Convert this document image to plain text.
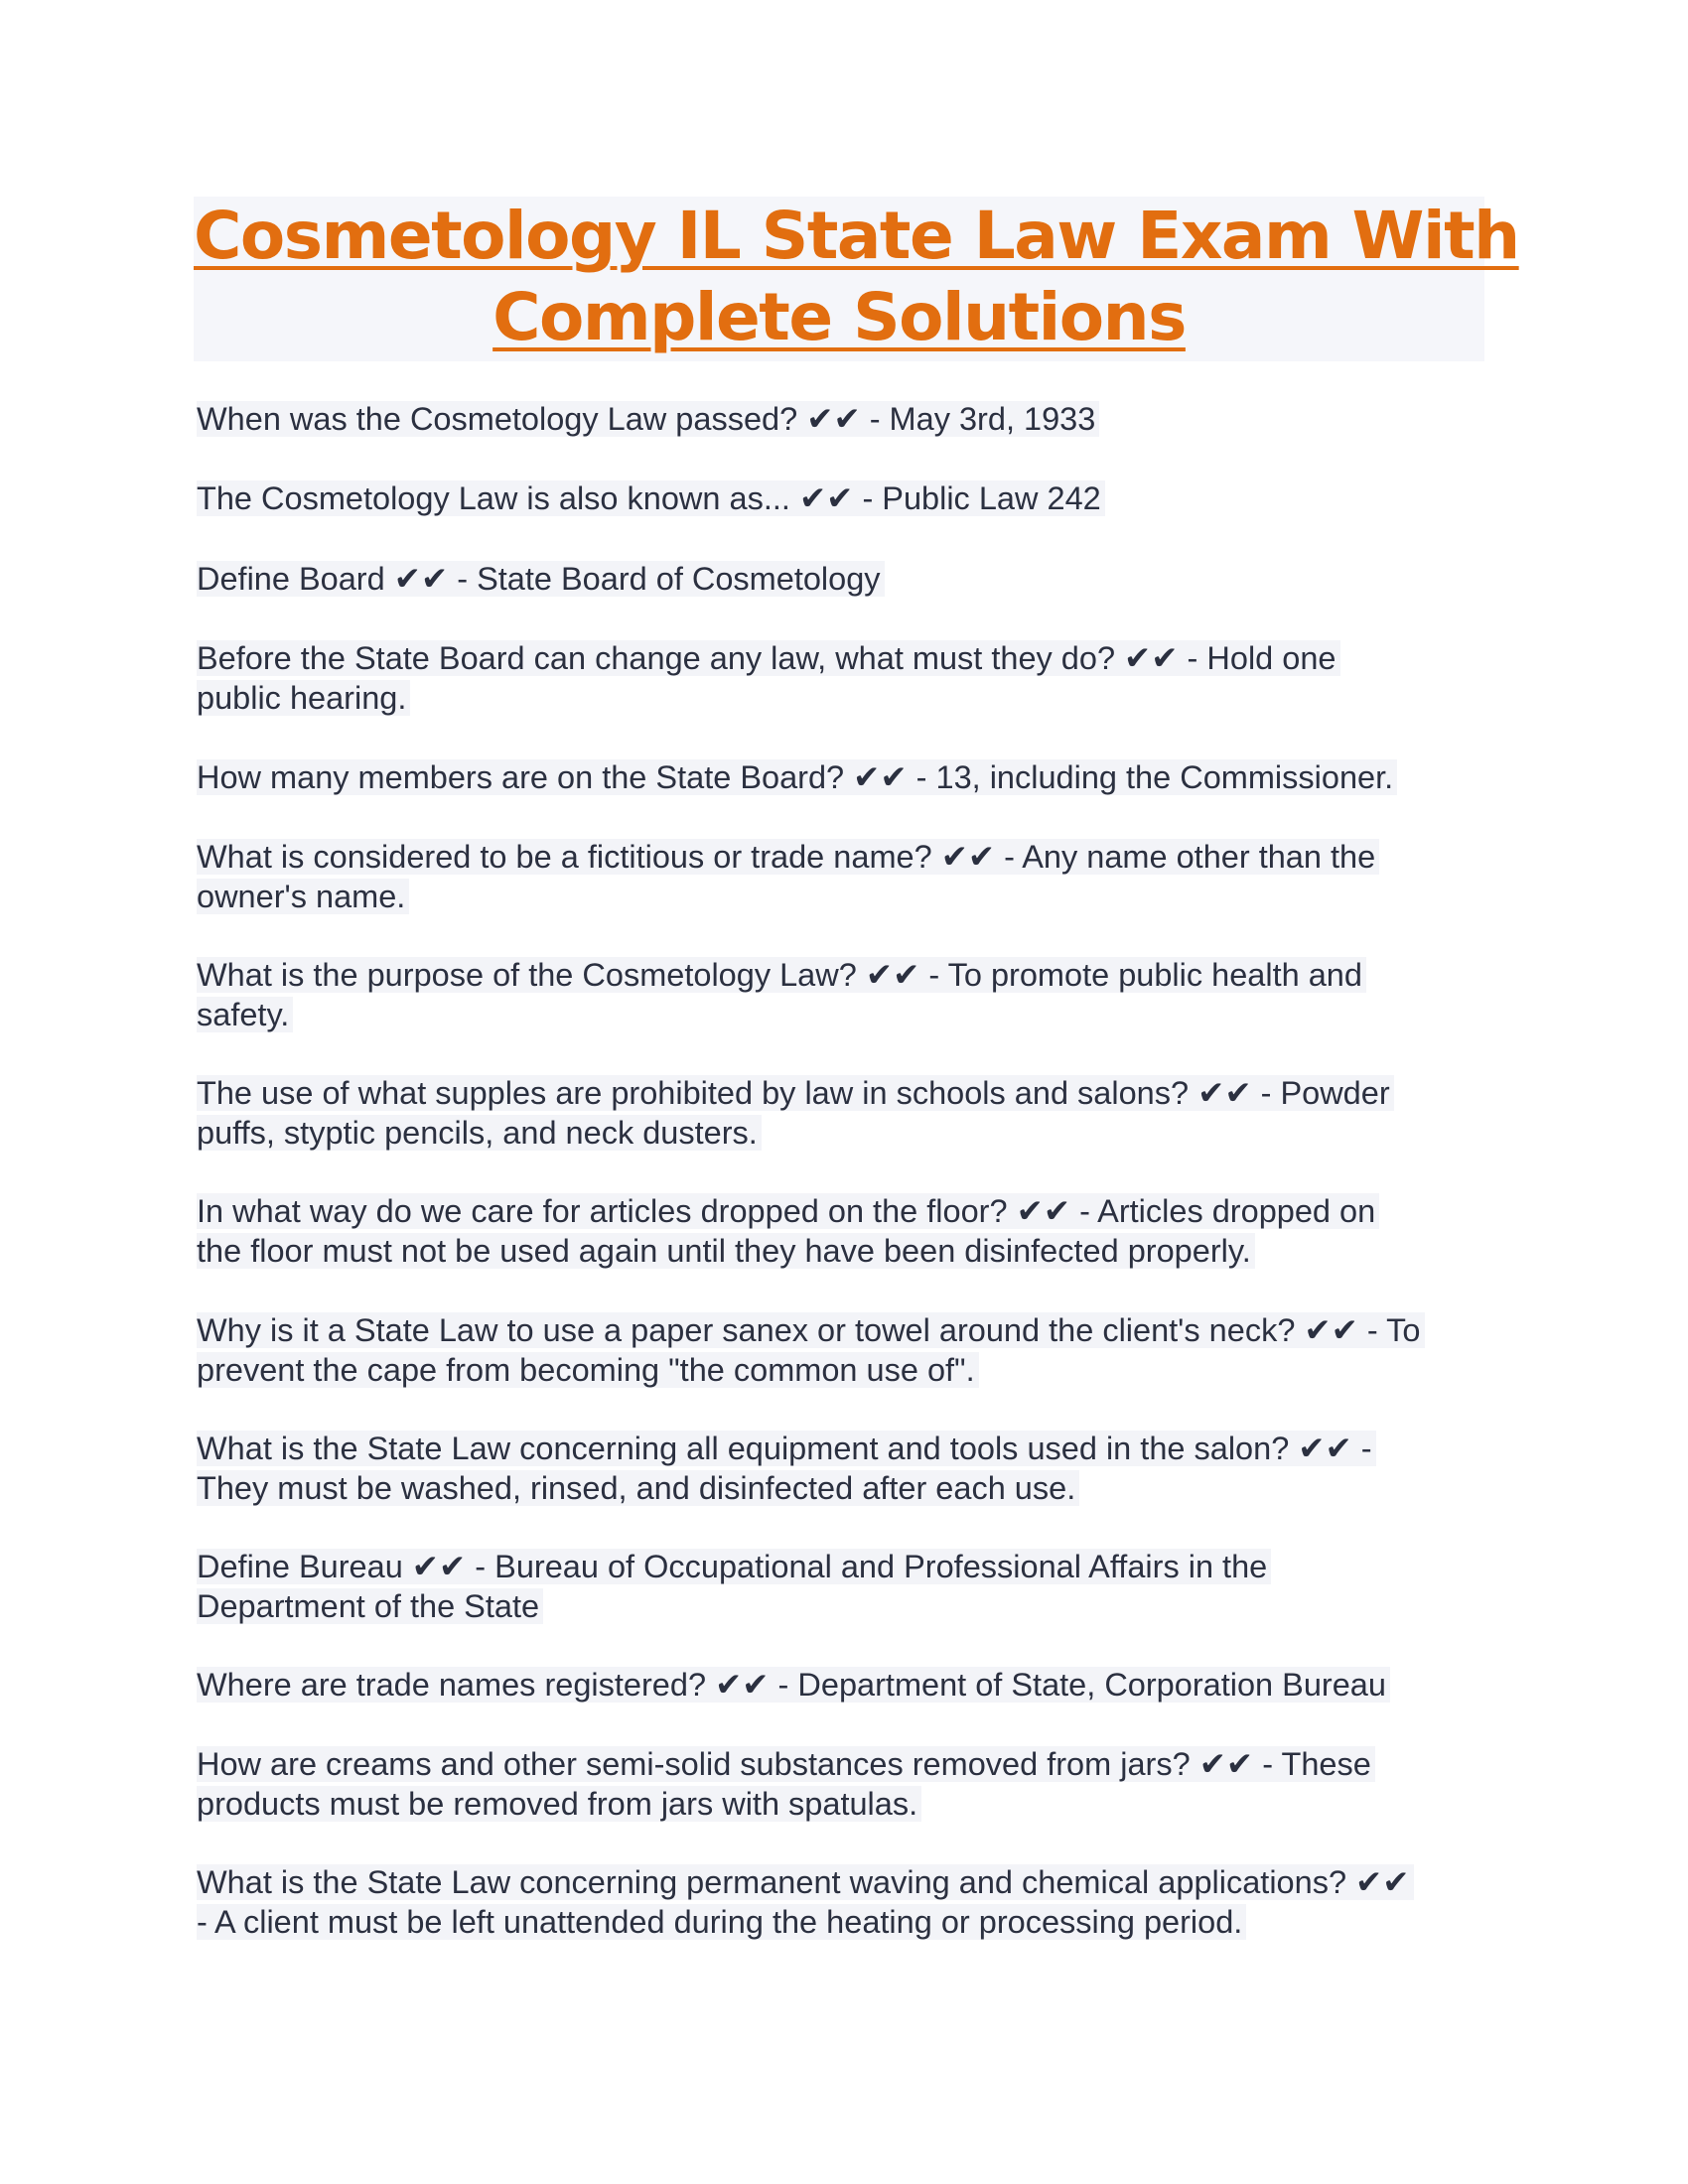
Cosmetology IL State Law Exam With
Complete Solutions
When was the Cosmetology Law passed? ✔✔ - May 3rd, 1933
The Cosmetology Law is also known as... ✔✔ - Public Law 242
Define Board ✔✔ - State Board of Cosmetology
Before the State Board can change any law, what must they do? ✔✔ - Hold one
public hearing.
How many members are on the State Board? ✔✔ - 13, including the Commissioner.
What is considered to be a fictitious or trade name? ✔✔ - Any name other than the
owner's name.
What is the purpose of the Cosmetology Law? ✔✔ - To promote public health and
safety.
The use of what supples are prohibited by law in schools and salons? ✔✔ - Powder
puffs, styptic pencils, and neck dusters.
In what way do we care for articles dropped on the floor? ✔✔ - Articles dropped on
the floor must not be used again until they have been disinfected properly.
Why is it a State Law to use a paper sanex or towel around the client's neck? ✔✔ - To
prevent the cape from becoming "the common use of".
What is the State Law concerning all equipment and tools used in the salon? ✔✔ -
They must be washed, rinsed, and disinfected after each use.
Define Bureau ✔✔ - Bureau of Occupational and Professional Affairs in the
Department of the State
Where are trade names registered? ✔✔ - Department of State, Corporation Bureau
How are creams and other semi-solid substances removed from jars? ✔✔ - These
products must be removed from jars with spatulas.
What is the State Law concerning permanent waving and chemical applications? ✔✔
- A client must be left unattended during the heating or processing period.
